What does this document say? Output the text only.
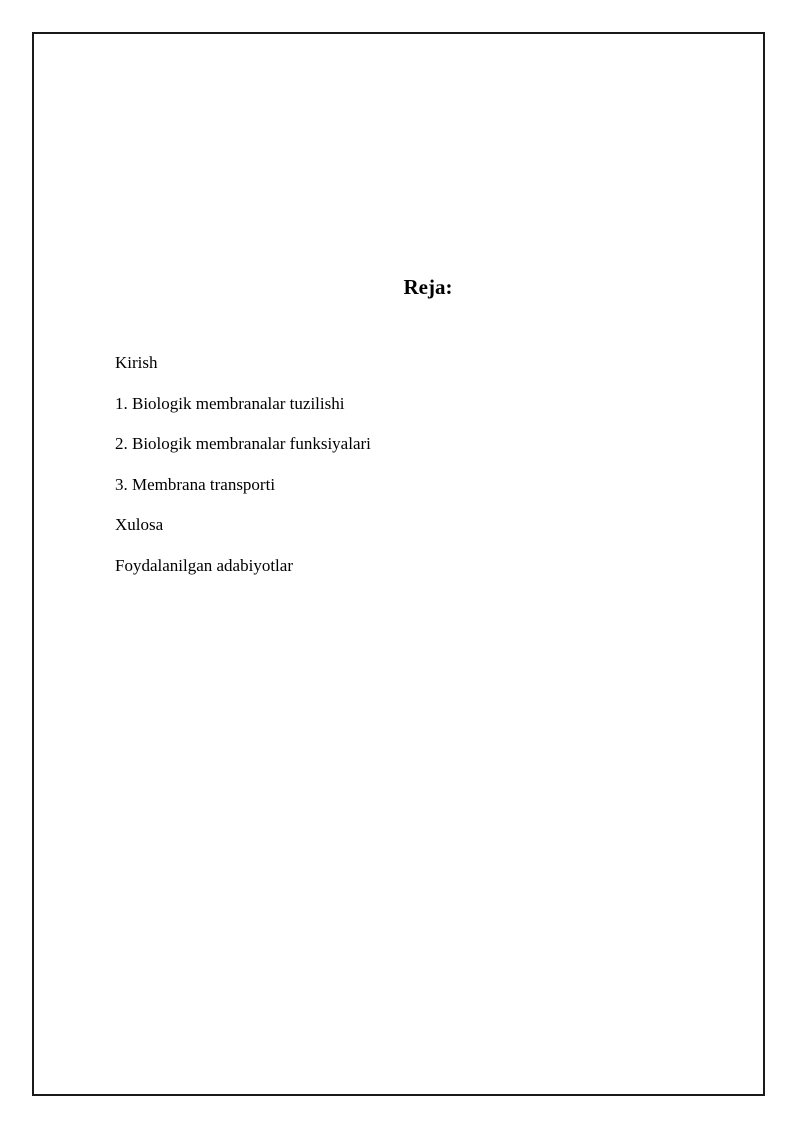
Reja:
Kirish
1. Biologik membranalar tuzilishi
2. Biologik membranalar funksiyalari
3. Membrana transporti
Xulosa
Foydalanilgan adabiyotlar
